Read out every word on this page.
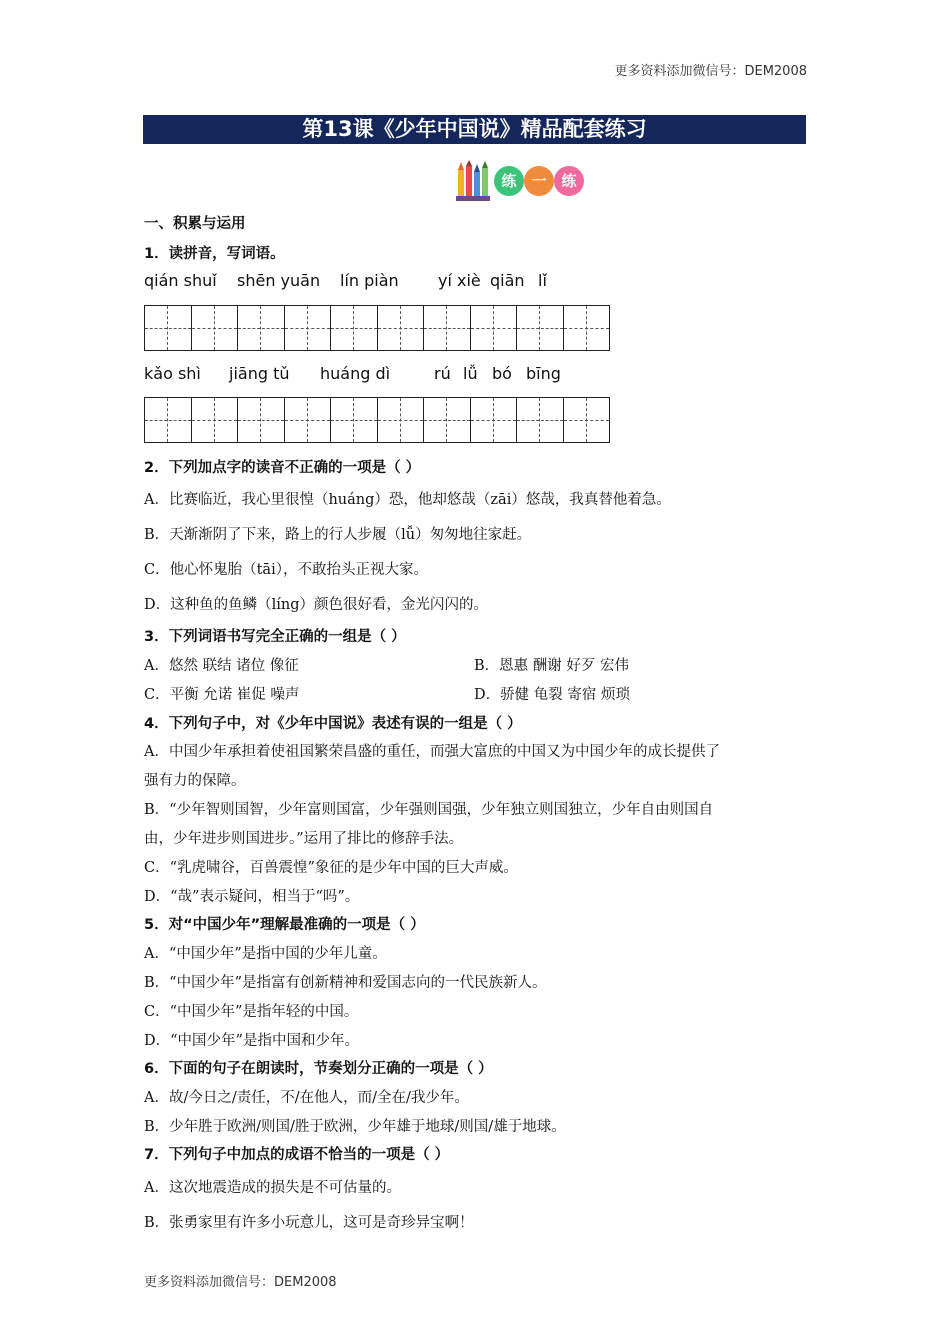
更多资料添加微信号：DEM2008
第13课《少年中国说》精品配套练习
练 一 练
一、积累与运用
1．读拼音，写词语。
qián shuǐ shēn yuān lín piàn yí xiè qiān lǐ
kǎo shì jiāng tǔ huáng dì	rú lǚ bó bīng
2．下列加点字的读音不正确的一项是（ ）
A．比赛临近，我心里很惶（huáng）恐，他却悠哉（zāi）悠哉，我真替他着急。
B．天渐渐阴了下来，路上的行人步履（lǚ）匆匆地往家赶。
C．他心怀鬼胎（tāi），不敢抬头正视大家。
D．这种鱼的鱼鳞（líng）颜色很好看，金光闪闪的。
3．下列词语书写完全正确的一组是（ ）
A．悠然 联结 诸位 像征	B．恩惠 酬谢 好歹 宏伟
C．平衡 允诺 崔促 噪声	D．骄健 龟裂 寄宿 烦琐
4．下列句子中，对《少年中国说》表述有误的一组是（ ）
A．中国少年承担着使祖国繁荣昌盛的重任，而强大富庶的中国又为中国少年的成长提供了
强有力的保障。
B．“少年智则国智，少年富则国富，少年强则国强，少年独立则国独立，少年自由则国自
由，少年进步则国进步。”运用了排比的修辞手法。
C．“乳虎啸谷，百兽震惶”象征的是少年中国的巨大声威。
D．“哉”表示疑问，相当于“吗”。
5．对“中国少年”理解最准确的一项是（ ）
A．“中国少年”是指中国的少年儿童。
B．“中国少年”是指富有创新精神和爱国志向的一代民族新人。
C．“中国少年”是指年轻的中国。
D．“中国少年”是指中国和少年。
6．下面的句子在朗读时，节奏划分正确的一项是（ ）
A．故/今日之/责任，不/在他人，而/全在/我少年。
B．少年胜于欧洲/则国/胜于欧洲，少年雄于地球/则国/雄于地球。
7．下列句子中加点的成语不恰当的一项是（ ）
A．这次地震造成的损失是不可估量的。
B．张勇家里有许多小玩意儿，这可是奇珍异宝啊！
更多资料添加微信号：DEM2008
